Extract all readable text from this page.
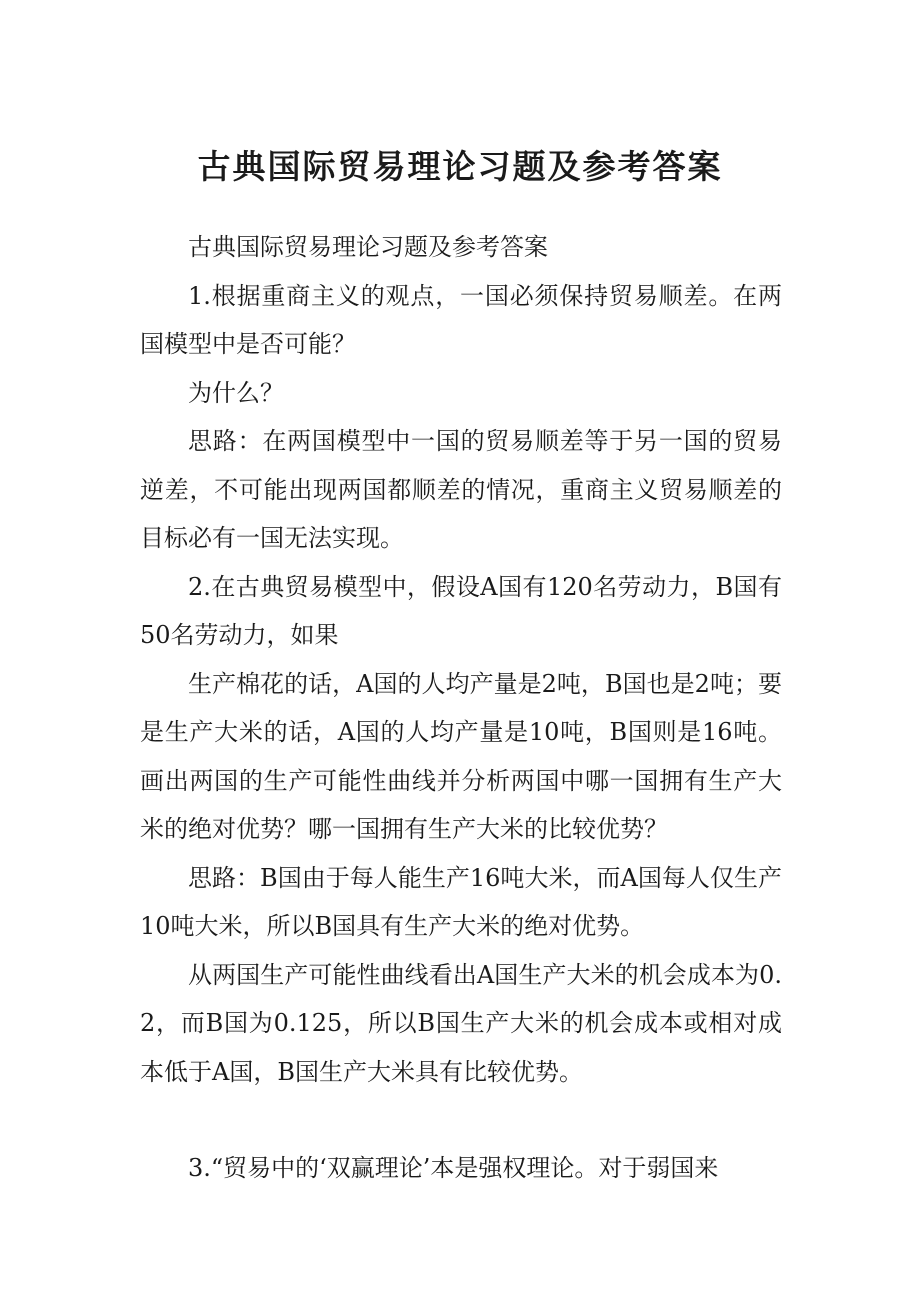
古典国际贸易理论习题及参考答案

古典国际贸易理论习题及参考答案

1.根据重商主义的观点，一国必须保持贸易顺差。在两国模型中是否可能？

为什么？

思路：在两国模型中一国的贸易顺差等于另一国的贸易逆差，不可能出现两国都顺差的情况，重商主义贸易顺差的目标必有一国无法实现。

2.在古典贸易模型中，假设A国有120名劳动力，B国有50名劳动力，如果

生产棉花的话，A国的人均产量是2吨，B国也是2吨；要是生产大米的话，A国的人均产量是10吨，B国则是16吨。画出两国的生产可能性曲线并分析两国中哪一国拥有生产大米的绝对优势？哪一国拥有生产大米的比较优势？

思路：B国由于每人能生产16吨大米，而A国每人仅生产10吨大米，所以B国具有生产大米的绝对优势。

从两国生产可能性曲线看出A国生产大米的机会成本为0.2，而B国为0.125，所以B国生产大米的机会成本或相对成本低于A国，B国生产大米具有比较优势。

3.“贸易中的‘双赢理论’本是强权理论。对于弱国来
